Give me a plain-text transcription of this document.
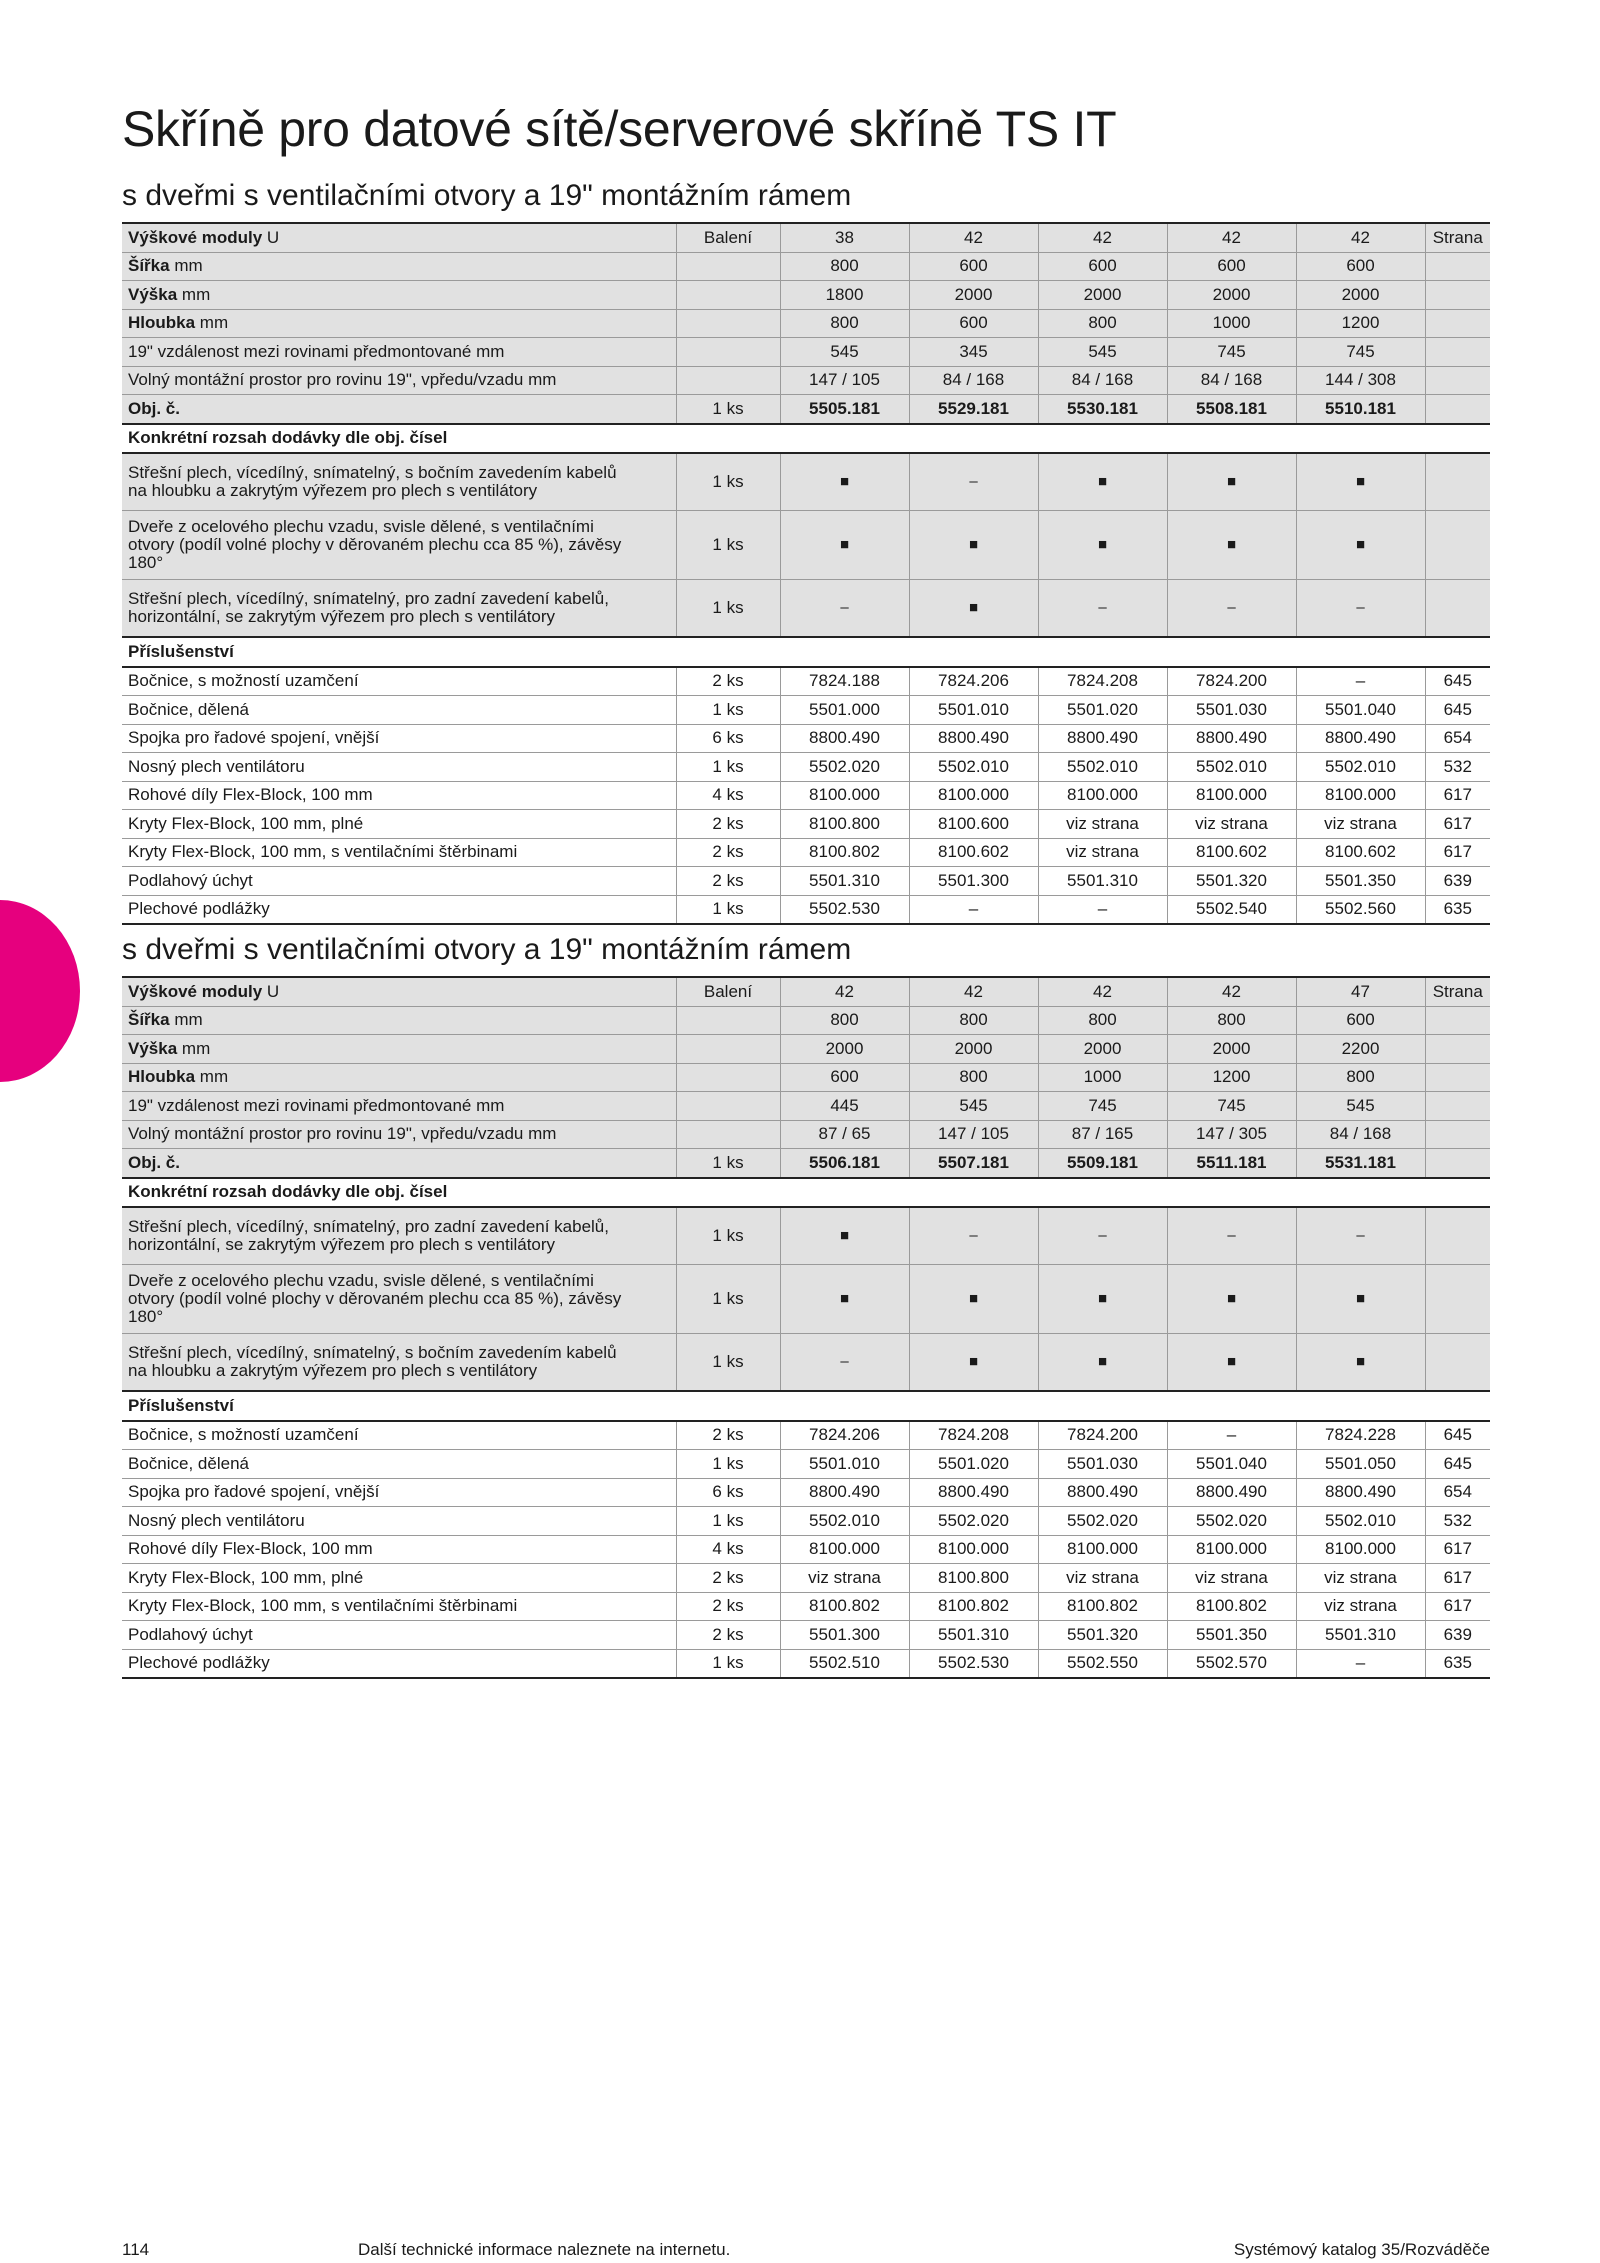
Skříně pro datové sítě/serverové skříně TS IT
s dveřmi s ventilačními otvory a 19" montážním rámem
Výškové moduly U	Balení	38	42	42	42	42	Strana
Šířka mm		800	600	600	600	600	
Výška mm		1800	2000	2000	2000	2000	
Hloubka mm		800	600	800	1000	1200	
19" vzdálenost mezi rovinami předmontované mm		545	345	545	745	745	
Volný montážní prostor pro rovinu 19", vpředu/vzadu mm		147 / 105	84 / 168	84 / 168	84 / 168	144 / 308	
Obj. č.	1 ks	5505.181	5529.181	5530.181	5508.181	5510.181	
Konkrétní rozsah dodávky dle obj. čísel							

Střešní plech, vícedílný, snímatelný, s bočním zavedením kabelů
na hloubku a zakrytým výřezem pro plech s ventilátory	1 ks	■	–	■	■	■	

Dveře z ocelového plechu vzadu, svisle dělené, s ventilačními
otvory (podíl volné plochy v děrovaném plechu cca 85 %), závěsy
180°	1 ks	■	■	■	■	■	

Střešní plech, vícedílný, snímatelný, pro zadní zavedení kabelů,
horizontální, se zakrytým výřezem pro plech s ventilátory	1 ks	–	■	–	–	–	
Příslušenství							
Bočnice, s možností uzamčení	2 ks	7824.188	7824.206	7824.208	7824.200	–	645
Bočnice, dělená	1 ks	5501.000	5501.010	5501.020	5501.030	5501.040	645
Spojka pro řadové spojení, vnější	6 ks	8800.490	8800.490	8800.490	8800.490	8800.490	654
Nosný plech ventilátoru	1 ks	5502.020	5502.010	5502.010	5502.010	5502.010	532
Rohové díly Flex-Block, 100 mm	4 ks	8100.000	8100.000	8100.000	8100.000	8100.000	617
Kryty Flex-Block, 100 mm, plné	2 ks	8100.800	8100.600	viz strana	viz strana	viz strana	617
Kryty Flex-Block, 100 mm, s ventilačními štěrbinami	2 ks	8100.802	8100.602	viz strana	8100.602	8100.602	617
Podlahový úchyt	2 ks	5501.310	5501.300	5501.310	5501.320	5501.350	639
Plechové podlážky	1 ks	5502.530	–	–	5502.540	5502.560	635
s dveřmi s ventilačními otvory a 19" montážním rámem
Výškové moduly U	Balení	42	42	42	42	47	Strana
Šířka mm		800	800	800	800	600	
Výška mm		2000	2000	2000	2000	2200	
Hloubka mm		600	800	1000	1200	800	
19" vzdálenost mezi rovinami předmontované mm		445	545	745	745	545	
Volný montážní prostor pro rovinu 19", vpředu/vzadu mm		87 / 65	147 / 105	87 / 165	147 / 305	84 / 168	
Obj. č.	1 ks	5506.181	5507.181	5509.181	5511.181	5531.181	
Konkrétní rozsah dodávky dle obj. čísel							

Střešní plech, vícedílný, snímatelný, pro zadní zavedení kabelů,
horizontální, se zakrytým výřezem pro plech s ventilátory	1 ks	■	–	–	–	–	

Dveře z ocelového plechu vzadu, svisle dělené, s ventilačními
otvory (podíl volné plochy v děrovaném plechu cca 85 %), závěsy
180°	1 ks	■	■	■	■	■	

Střešní plech, vícedílný, snímatelný, s bočním zavedením kabelů
na hloubku a zakrytým výřezem pro plech s ventilátory	1 ks	–	■	■	■	■	
Příslušenství							
Bočnice, s možností uzamčení	2 ks	7824.206	7824.208	7824.200	–	7824.228	645
Bočnice, dělená	1 ks	5501.010	5501.020	5501.030	5501.040	5501.050	645
Spojka pro řadové spojení, vnější	6 ks	8800.490	8800.490	8800.490	8800.490	8800.490	654
Nosný plech ventilátoru	1 ks	5502.010	5502.020	5502.020	5502.020	5502.010	532
Rohové díly Flex-Block, 100 mm	4 ks	8100.000	8100.000	8100.000	8100.000	8100.000	617
Kryty Flex-Block, 100 mm, plné	2 ks	viz strana	8100.800	viz strana	viz strana	viz strana	617
Kryty Flex-Block, 100 mm, s ventilačními štěrbinami	2 ks	8100.802	8100.802	8100.802	8100.802	viz strana	617
Podlahový úchyt	2 ks	5501.300	5501.310	5501.320	5501.350	5501.310	639
Plechové podlážky	1 ks	5502.510	5502.530	5502.550	5502.570	–	635
114	Další technické informace naleznete na internetu.	Systémový katalog 35/Rozváděče
